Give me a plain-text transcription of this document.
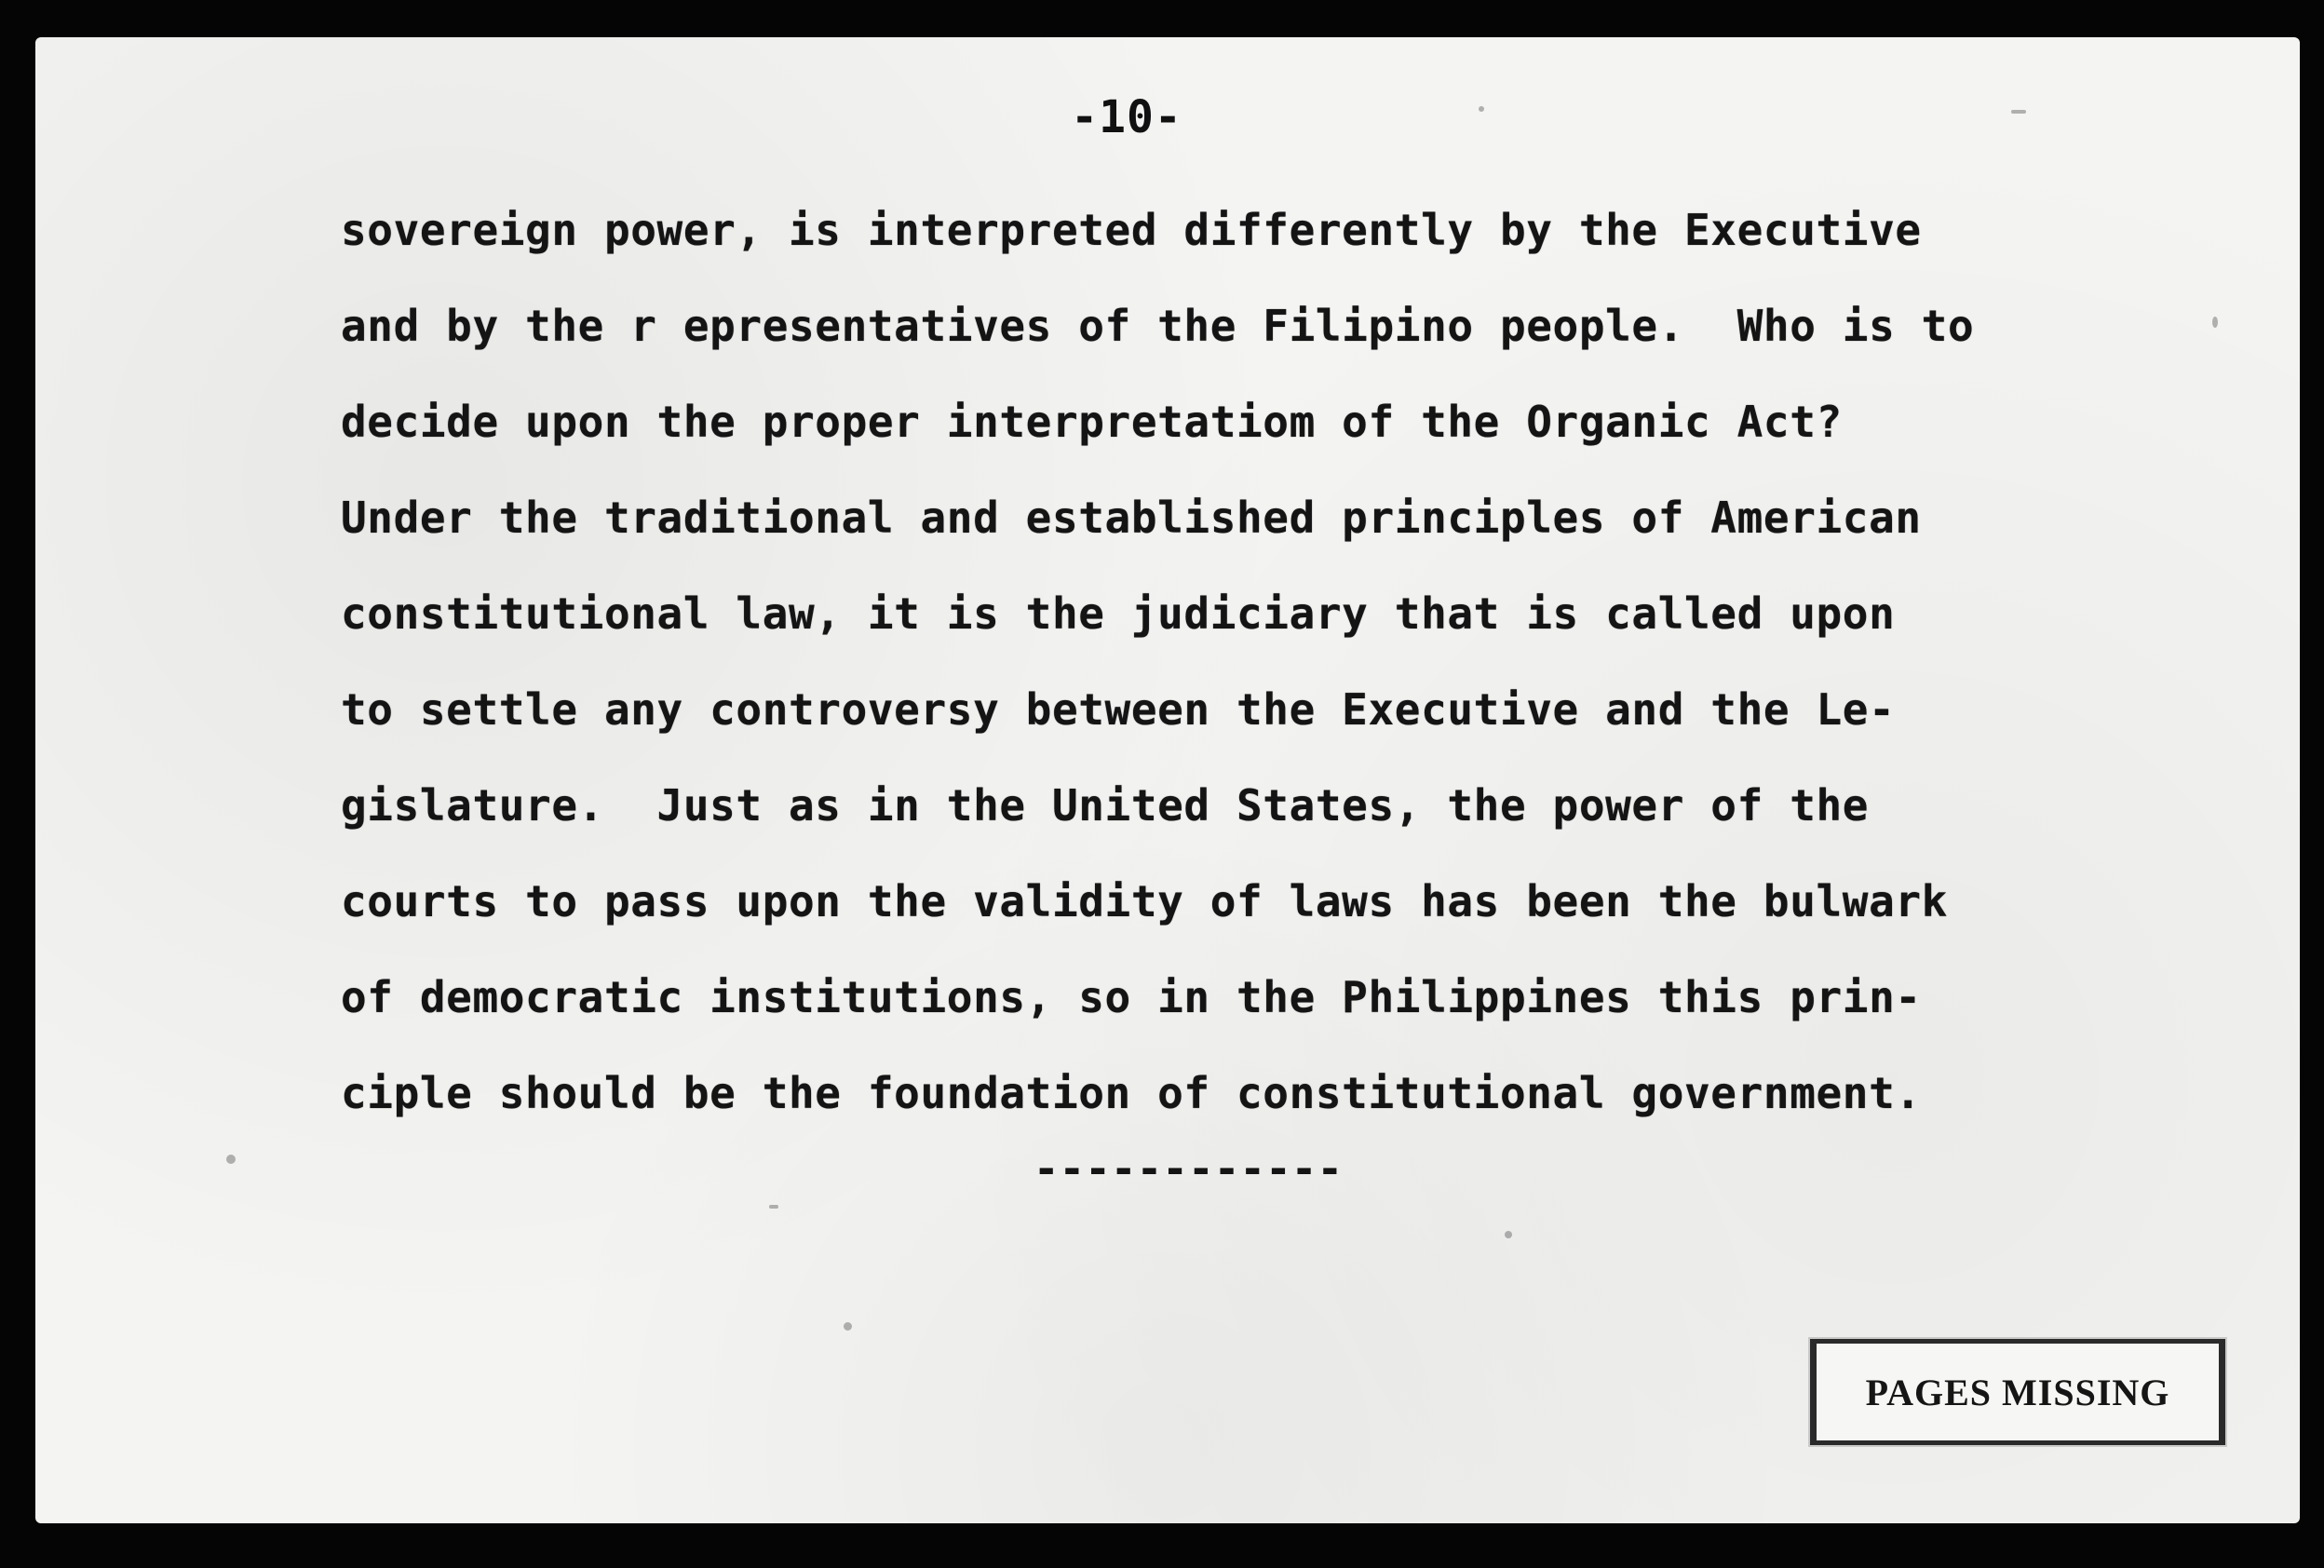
-10-
sovereign power, is interpreted differently by the Executive
and by the r epresentatives of the Filipino people.  Who is to
decide upon the proper interpretatiom of the Organic Act?
Under the traditional and established principles of American
constitutional law, it is the judiciary that is called upon
to settle any controversy between the Executive and the Le-
gislature.  Just as in the United States, the power of the
courts to pass upon the validity of laws has been the bulwark
of democratic institutions, so in the Philippines this prin-
ciple should be the foundation of constitutional government.
------------
PAGES MISSING
